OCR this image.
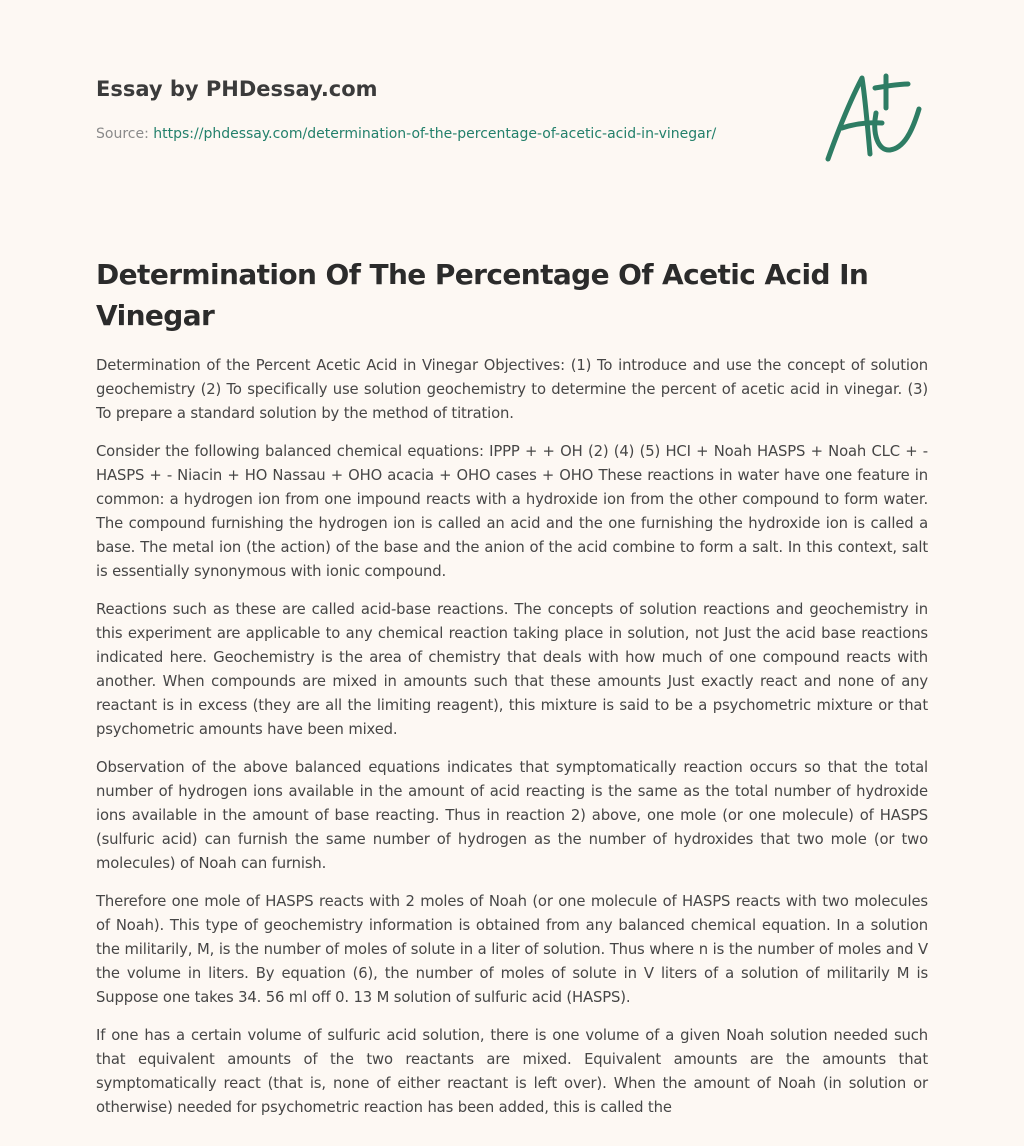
Essay by PHDessay.com
Source: https://phdessay.com/determination-of-the-percentage-of-acetic-acid-in-vinegar/
Determination Of The Percentage Of Acetic Acid In Vinegar

Determination of the Percent Acetic Acid in Vinegar Objectives: (1) To introduce and use the concept of solution geochemistry (2) To specifically use solution geochemistry to determine the percent of acetic acid in vinegar. (3) To prepare a standard solution by the method of titration.

Consider the following balanced chemical equations: IPPP + + OH (2) (4) (5) HCI + Noah HASPS + Noah CLC + - HASPS + - Niacin + HO Nassau + OHO acacia + OHO cases + OHO These reactions in water have one feature in common: a hydrogen ion from one impound reacts with a hydroxide ion from the other compound to form water. The compound furnishing the hydrogen ion is called an acid and the one furnishing the hydroxide ion is called a base. The metal ion (the action) of the base and the anion of the acid combine to form a salt. In this context, salt is essentially synonymous with ionic compound.

Reactions such as these are called acid-base reactions. The concepts of solution reactions and geochemistry in this experiment are applicable to any chemical reaction taking place in solution, not Just the acid base reactions indicated here. Geochemistry is the area of chemistry that deals with how much of one compound reacts with another. When compounds are mixed in amounts such that these amounts Just exactly react and none of any reactant is in excess (they are all the limiting reagent), this mixture is said to be a psychometric mixture or that psychometric amounts have been mixed.

Observation of the above balanced equations indicates that symptomatically reaction occurs so that the total number of hydrogen ions available in the amount of acid reacting is the same as the total number of hydroxide ions available in the amount of base reacting. Thus in reaction 2) above, one mole (or one molecule) of HASPS (sulfuric acid) can furnish the same number of hydrogen as the number of hydroxides that two mole (or two molecules) of Noah can furnish.

Therefore one mole of HASPS reacts with 2 moles of Noah (or one molecule of HASPS reacts with two molecules of Noah). This type of geochemistry information is obtained from any balanced chemical equation. In a solution the militarily, M, is the number of moles of solute in a liter of solution. Thus where n is the number of moles and V the volume in liters. By equation (6), the number of moles of solute in V liters of a solution of militarily M is Suppose one takes 34. 56 ml off 0. 13 M solution of sulfuric acid (HASPS).

If one has a certain volume of sulfuric acid solution, there is one volume of a given Noah solution needed such that equivalent amounts of the two reactants are mixed. Equivalent amounts are the amounts that symptomatically react (that is, none of either reactant is left over). When the amount of Noah (in solution or otherwise) needed for psychometric reaction has been added, this is called the
